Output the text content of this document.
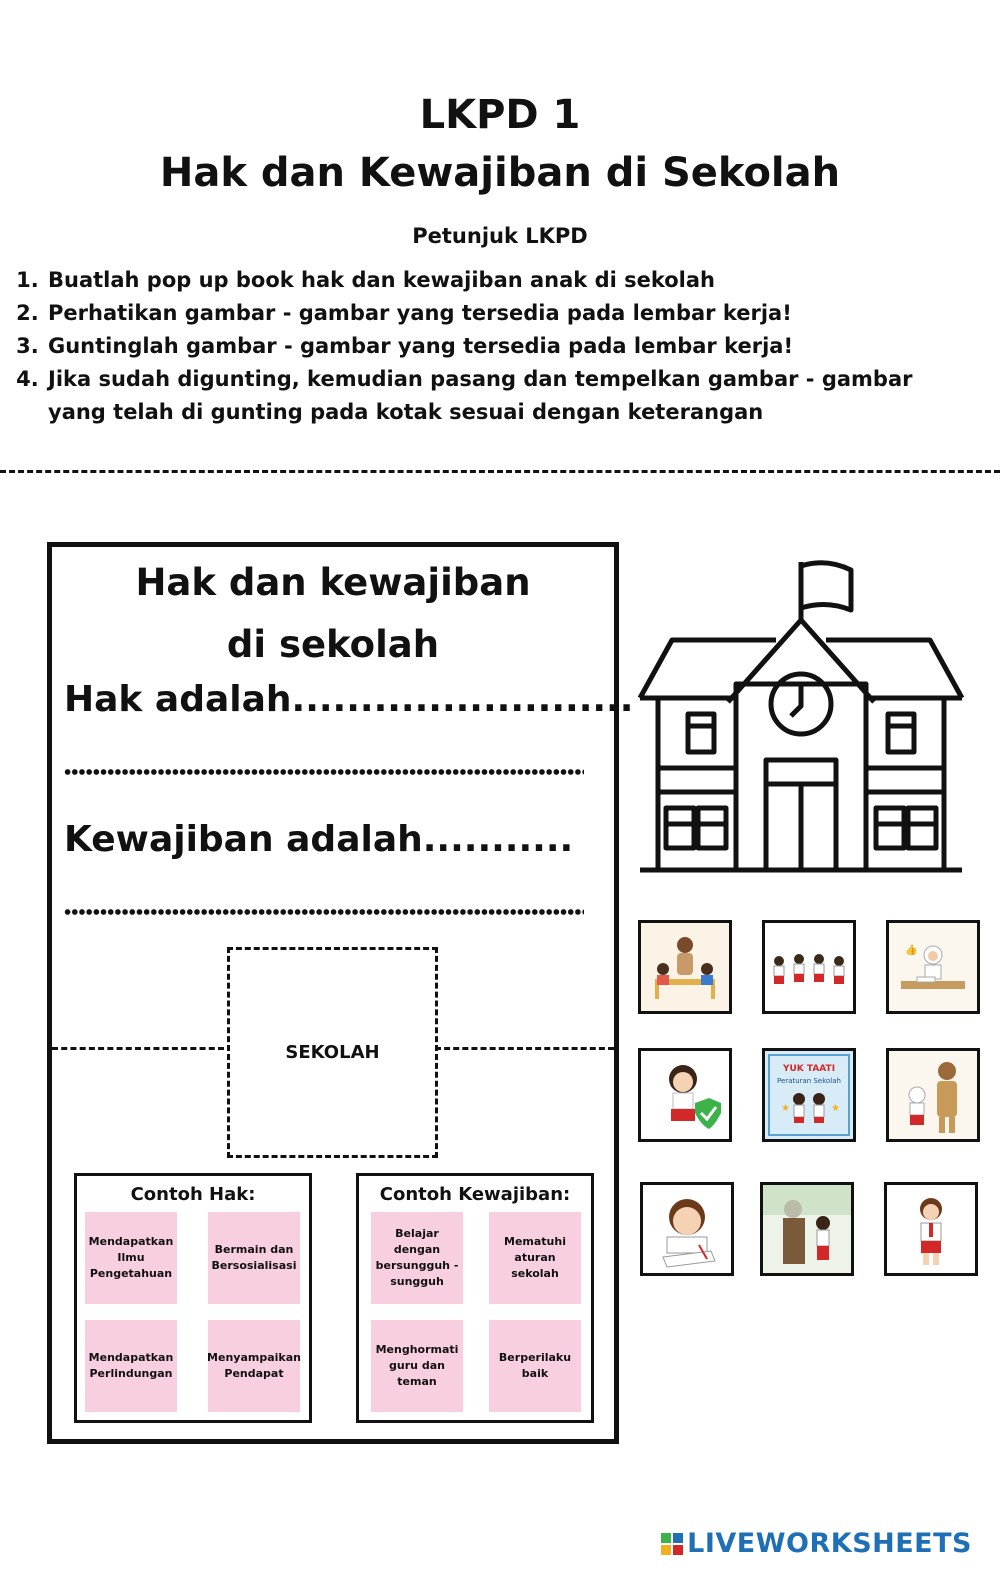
LKPD 1
Hak dan Kewajiban di Sekolah
Petunjuk LKPD
1. Buatlah pop up book hak dan kewajiban anak di sekolah
2. Perhatikan gambar - gambar yang tersedia pada lembar kerja!
3. Guntinglah gambar - gambar yang tersedia pada lembar kerja!
4. Jika sudah digunting, kemudian pasang dan tempelkan gambar - gambar yang telah di gunting pada kotak sesuai dengan keterangan
Hak dan kewajiban
di sekolah
Hak adalah.........................
Kewajiban adalah...........
SEKOLAH
Contoh Hak:
Mendapatkan Ilmu Pengetahuan
Bermain dan Bersosialisasi
Mendapatkan Perlindungan
Menyampaikan Pendapat
Contoh Kewajiban:
Belajar dengan bersungguh - sungguh
Mematuhi aturan sekolah
Menghormati guru dan teman
Berperilaku baik
👍
YUK TAATI
Peraturan Sekolah
★	★
LIVEWORKSHEETS
